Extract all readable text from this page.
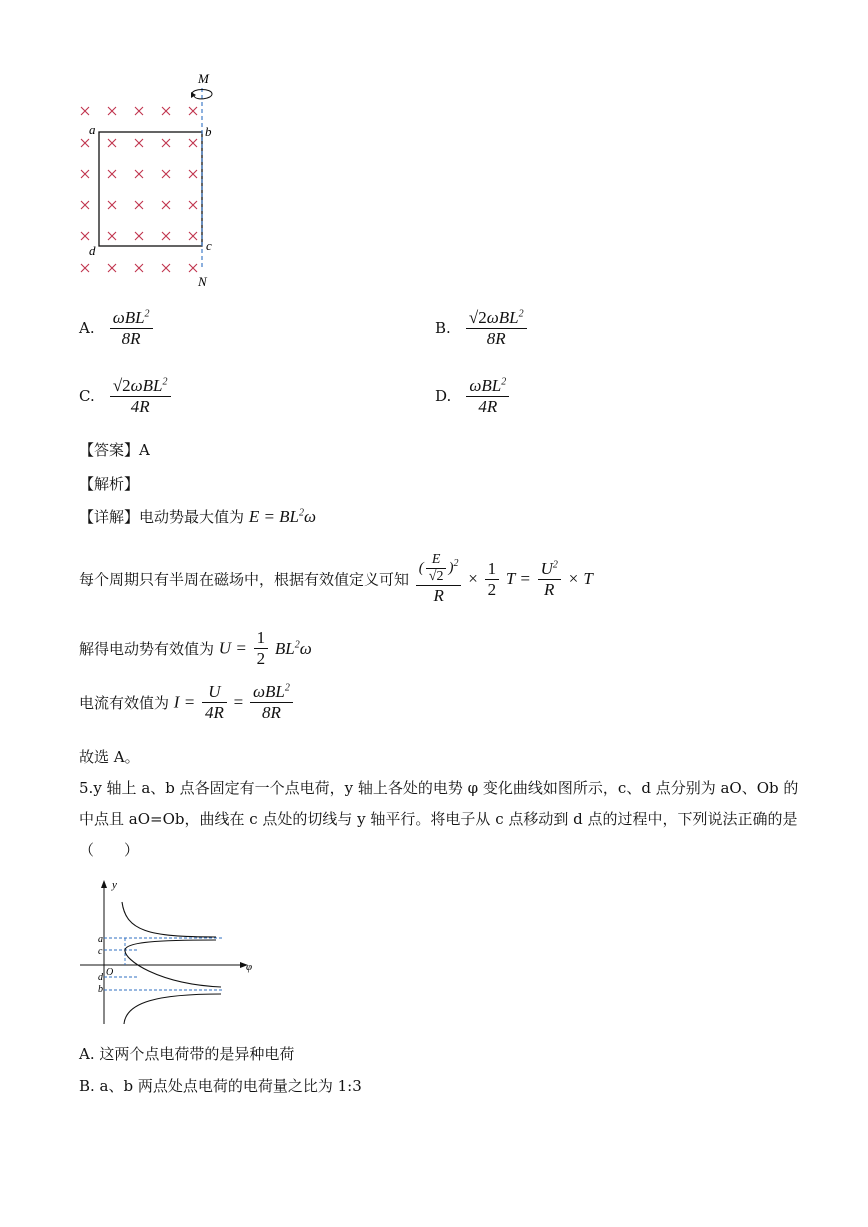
M
N
a	b
d	c
A. $\frac{\omega BL^2}{8R}$	B. $\frac{√2\omega BL^2}{8R}$
C. $\frac{√2\omega BL^2}{4R}$	D. $\frac{\omega BL^2}{4R}$
【答案】A
【解析】
【详解】电动势最大值为 $E = BL^2\omega$
每个周期只有半周在磁场中，根据有效值定义可知 $\frac{( \frac{E}{√2} )^2}{R} \times \frac{1}{2}$ $T = \frac{U^2}{R} \times T$
解得电动势有效值为 $U = \frac{1}{2} BL^2\omega$
电流有效值为 $I = \frac{U}{4R} = \frac{\omega BL^2}{8R}$
故选 A。
5.y 轴上 a、b 点各固定有一个点电荷，y 轴上各处的电势 φ 变化曲线如图所示，c、d 点分别为 aO、Ob 的
中点且 aO=Ob，曲线在 c 点处的切线与 y 轴平行。将电子从 c 点移动到 d 点的过程中，下列说法正确的是
（　　）
y
φ
O
a
c
d
b
A. 这两个点电荷带的是异种电荷
B. a、b 两点处点电荷的电荷量之比为 1:3
